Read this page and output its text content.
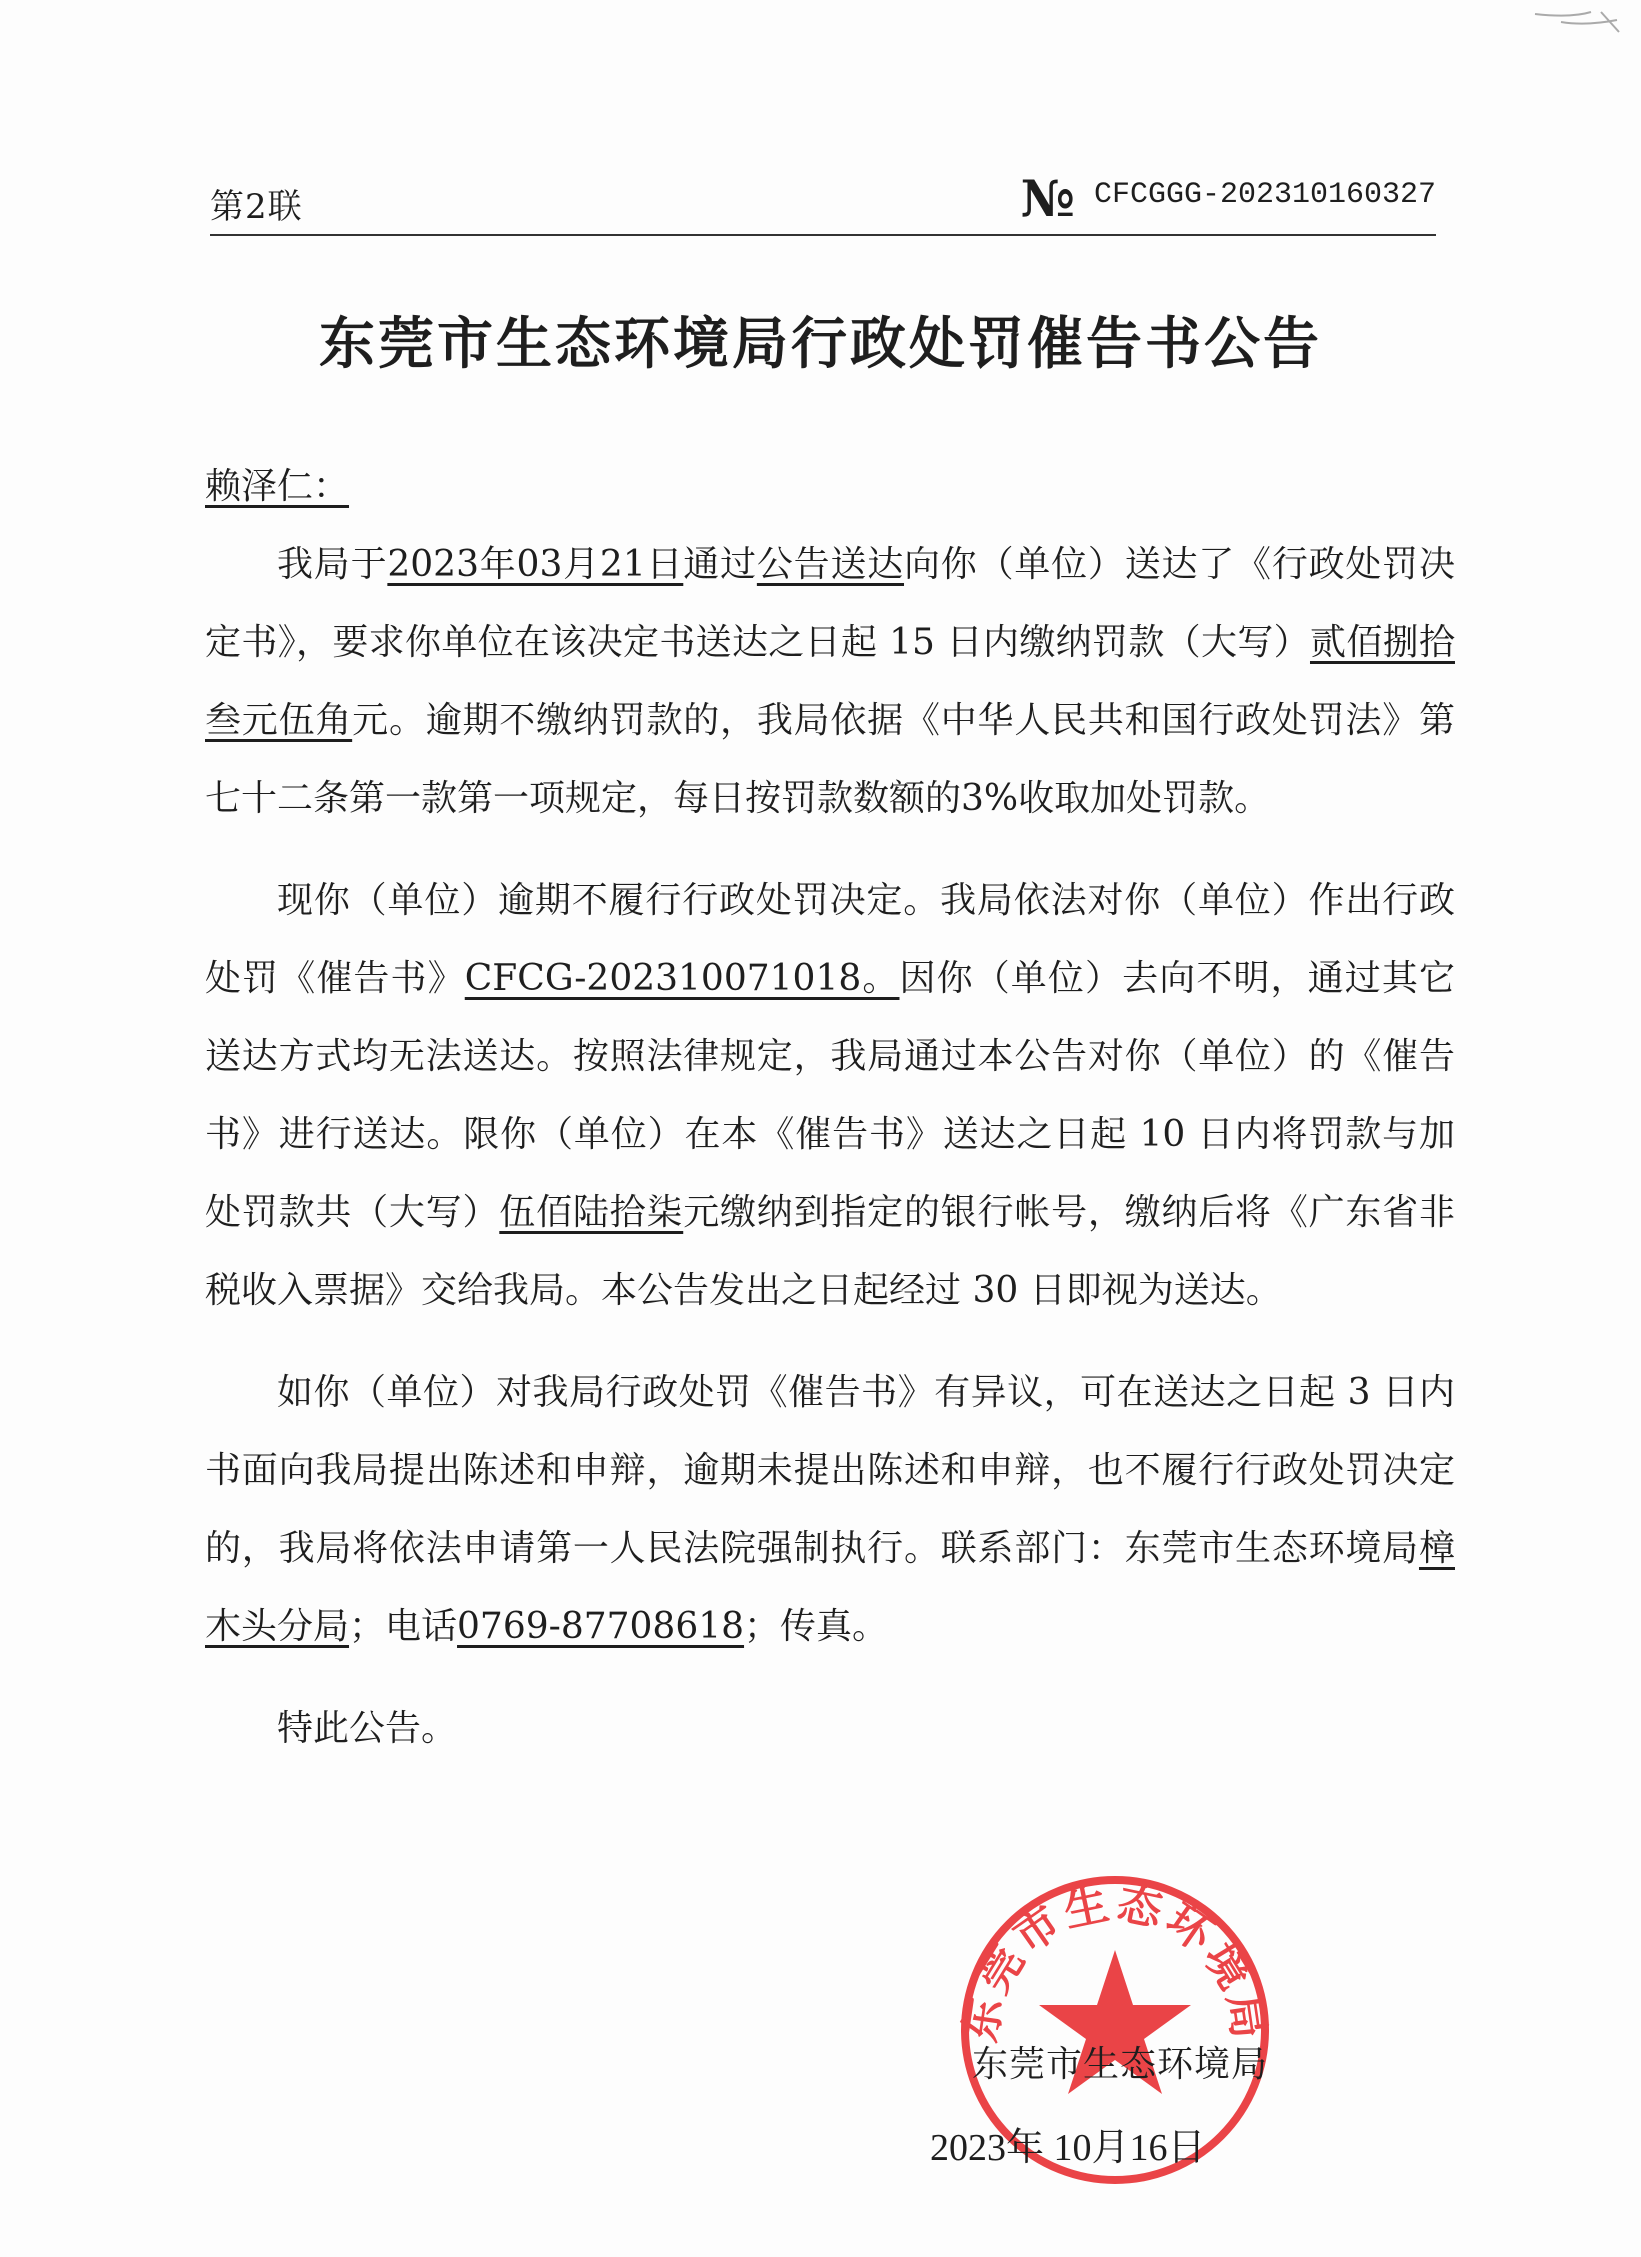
第2联	№ CFCGGG-202310160327
东莞市生态环境局行政处罚催告书公告

赖泽仁：

我局于2023年03月21日通过公告送达向你（单位）送达了《行政处罚决定书》，要求你单位在该决定书送达之日起 15 日内缴纳罚款（大写）贰佰捌拾叁元伍角元。逾期不缴纳罚款的，我局依据《中华人民共和国行政处罚法》第七十二条第一款第一项规定，每日按罚款数额的3%收取加处罚款。

现你（单位）逾期不履行行政处罚决定。我局依法对你（单位）作出行政处罚《催告书》CFCG-202310071018。因你（单位）去向不明，通过其它送达方式均无法送达。按照法律规定，我局通过本公告对你（单位）的《催告书》进行送达。限你（单位）在本《催告书》送达之日起 10 日内将罚款与加处罚款共（大写）伍佰陆拾柒元缴纳到指定的银行帐号，缴纳后将《广东省非税收入票据》交给我局。本公告发出之日起经过 30 日即视为送达。

如你（单位）对我局行政处罚《催告书》有异议，可在送达之日起 3 日内书面向我局提出陈述和申辩，逾期未提出陈述和申辩，也不履行行政处罚决定的，我局将依法申请第一人民法院强制执行。联系部门：东莞市生态环境局樟木头分局；电话0769-87708618；传真。

特此公告。

东莞市生态环境局
东莞市生态环境局
2023年 10月16日
